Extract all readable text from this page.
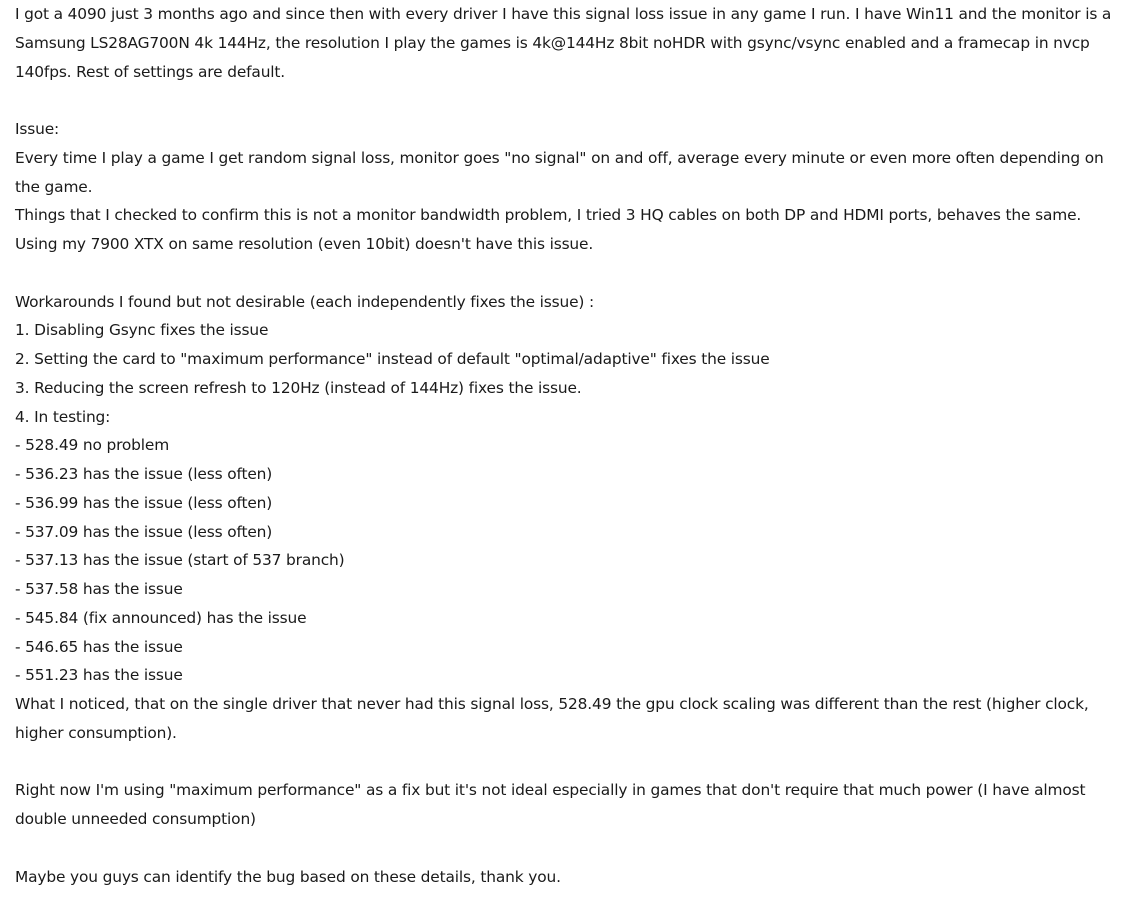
I got a 4090 just 3 months ago and since then with every driver I have this signal loss issue in any game I run. I have Win11 and the monitor is a Samsung LS28AG700N 4k 144Hz, the resolution I play the games is 4k@144Hz 8bit noHDR with gsync/vsync enabled and a framecap in nvcp 140fps. Rest of settings are default.
Issue:
Every time I play a game I get random signal loss, monitor goes "no signal" on and off, average every minute or even more often depending on the game.
Things that I checked to confirm this is not a monitor bandwidth problem, I tried 3 HQ cables on both DP and HDMI ports, behaves the same. Using my 7900 XTX on same resolution (even 10bit) doesn't have this issue.
Workarounds I found but not desirable (each independently fixes the issue) :
1. Disabling Gsync fixes the issue
2. Setting the card to "maximum performance" instead of default "optimal/adaptive" fixes the issue
3. Reducing the screen refresh to 120Hz (instead of 144Hz) fixes the issue.
4. In testing:
- 528.49 no problem
- 536.23 has the issue (less often)
- 536.99 has the issue (less often)
- 537.09 has the issue (less often)
- 537.13 has the issue (start of 537 branch)
- 537.58 has the issue
- 545.84 (fix announced) has the issue
- 546.65 has the issue
- 551.23 has the issue
What I noticed, that on the single driver that never had this signal loss, 528.49 the gpu clock scaling was different than the rest (higher clock, higher consumption).
Right now I'm using "maximum performance" as a fix but it's not ideal especially in games that don't require that much power (I have almost double unneeded consumption)
Maybe you guys can identify the bug based on these details, thank you.
